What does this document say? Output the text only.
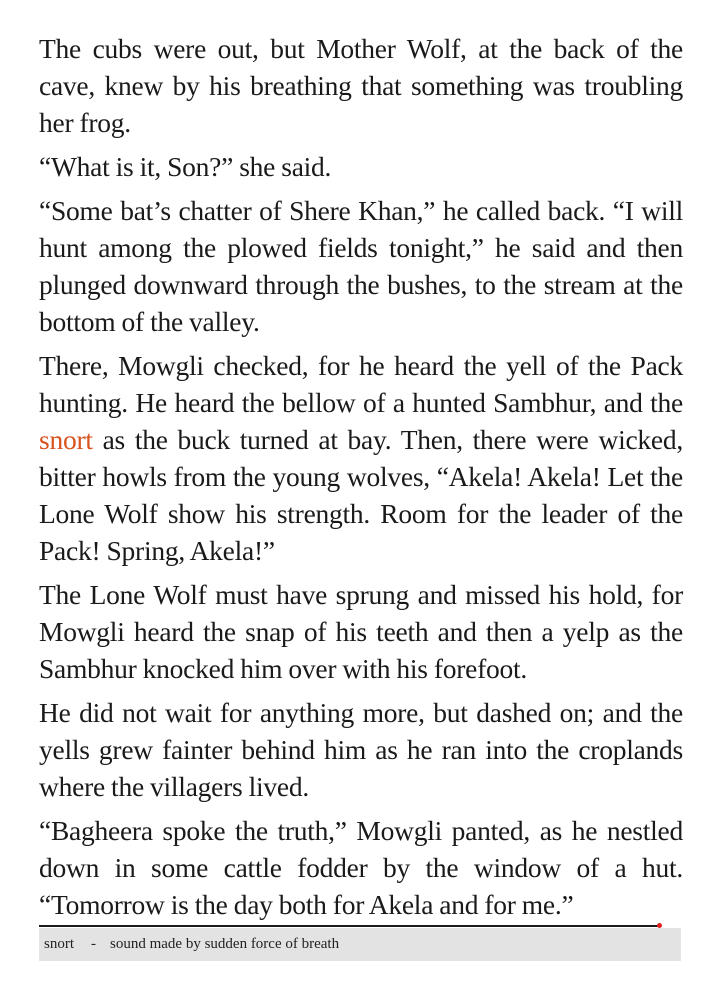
The cubs were out, but Mother Wolf, at the back of the cave, knew by his breathing that something was troubling her frog.

“What is it, Son?” she said.

“Some bat’s chatter of Shere Khan,” he called back. “I will hunt among the plowed fields tonight,” he said and then plunged downward through the bushes, to the stream at the bottom of the valley.

There, Mowgli checked, for he heard the yell of the Pack hunting. He heard the bellow of a hunted Sambhur, and the snort as the buck turned at bay. Then, there were wicked, bitter howls from the young wolves, “Akela! Akela! Let the Lone Wolf show his strength. Room for the leader of the Pack! Spring, Akela!”

The Lone Wolf must have sprung and missed his hold, for Mowgli heard the snap of his teeth and then a yelp as the Sambhur knocked him over with his forefoot.

He did not wait for anything more, but dashed on; and the yells grew fainter behind him as he ran into the croplands where the villagers lived.

“Bagheera spoke the truth,” Mowgli panted, as he nestled down in some cattle fodder by the window of a hut. “Tomorrow is the day both for Akela and for me.”

snort - sound made by sudden force of breath
